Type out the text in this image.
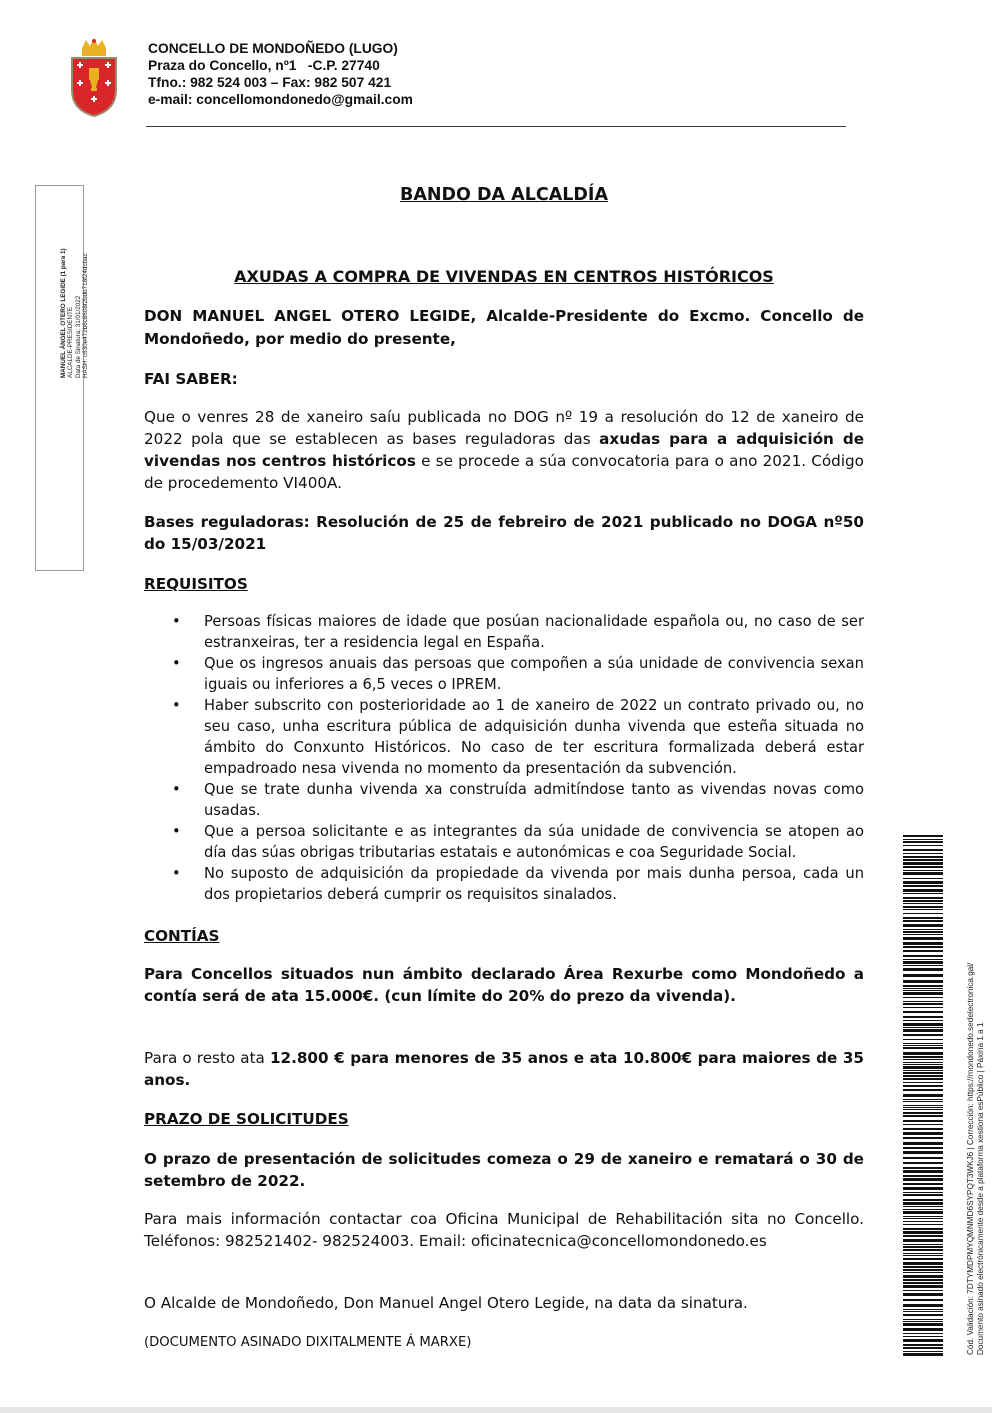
CONCELLO DE MONDOÑEDO (LUGO)
Praza do Concello, nº1   -C.P. 27740
Tfno.: 982 524 003 – Fax: 982 507 421
e-mail: concellomondonedo@gmail.com
MANUEL ÁNGEL OTERO LEGIDE (1 para 1) ALCALDE-PRESIDENTE Data de Sinatura: 31/01/2022 HASH: c630e472b6c8608f2bdb718f24dcbac
BANDO DA ALCALDÍA
AXUDAS A COMPRA DE VIVENDAS EN CENTROS HISTÓRICOS
DON MANUEL ANGEL OTERO LEGIDE, Alcalde-Presidente do Excmo. Concello de Mondoñedo, por medio do presente,
FAI SABER:
Que o venres 28 de xaneiro saíu publicada no DOG nº 19 a resolución do 12 de xaneiro de 2022 pola que se establecen as bases reguladoras das axudas para a adquisición de vivendas nos centros históricos e se procede a súa convocatoria para o ano 2021. Código de procedemento VI400A.
Bases reguladoras: Resolución de 25 de febreiro de 2021 publicado no DOGA nº50 do 15/03/2021
REQUISITOS
• Persoas físicas maiores de idade que posúan nacionalidade española ou, no caso de ser estranxeiras, ter a residencia legal en España.
• Que os ingresos anuais das persoas que compoñen a súa unidade de convivencia sexan iguais ou inferiores a 6,5 veces o IPREM.
• Haber subscrito con posterioridade ao 1 de xaneiro de 2022 un contrato privado ou, no seu caso, unha escritura pública de adquisición dunha vivenda que esteña situada no ámbito do Conxunto Históricos. No caso de ter escritura formalizada deberá estar empadroado nesa vivenda no momento da presentación da subvención.
• Que se trate dunha vivenda xa construída admitíndose tanto as vivendas novas como usadas.
• Que a persoa solicitante e as integrantes da súa unidade de convivencia se atopen ao día das súas obrigas tributarias estatais e autonómicas e coa Seguridade Social.
• No suposto de adquisición da propiedade da vivenda por mais dunha persoa, cada un dos propietarios deberá cumprir os requisitos sinalados.
CONTÍAS
Para Concellos situados nun ámbito declarado Área Rexurbe como Mondoñedo a contía será de ata 15.000€. (cun límite do 20% do prezo da vivenda).
Para o resto ata 12.800 € para menores de 35 anos e ata 10.800€ para maiores de 35 anos.
PRAZO DE SOLICITUDES
O prazo de presentación de solicitudes comeza o 29 de xaneiro e rematará o 30 de setembro de 2022.
Para mais información contactar coa Oficina Municipal de Rehabilitación sita no Concello. Teléfonos: 982521402- 982524003. Email: oficinatecnica@concellomondonedo.es
O Alcalde de Mondoñedo, Don Manuel Angel Otero Legide, na data da sinatura.
(DOCUMENTO ASINADO DIXITALMENTE Á MARXE)	Cód. Validación: 7DTYMDPMYQMNMD6SYPQT3WKJ6 | Corrección: https://mondonedo.sedelectronica.gal/ Documento asinado electrónicamente desde a plataforma xestiona esPúblico | Páxina 1 a 1
